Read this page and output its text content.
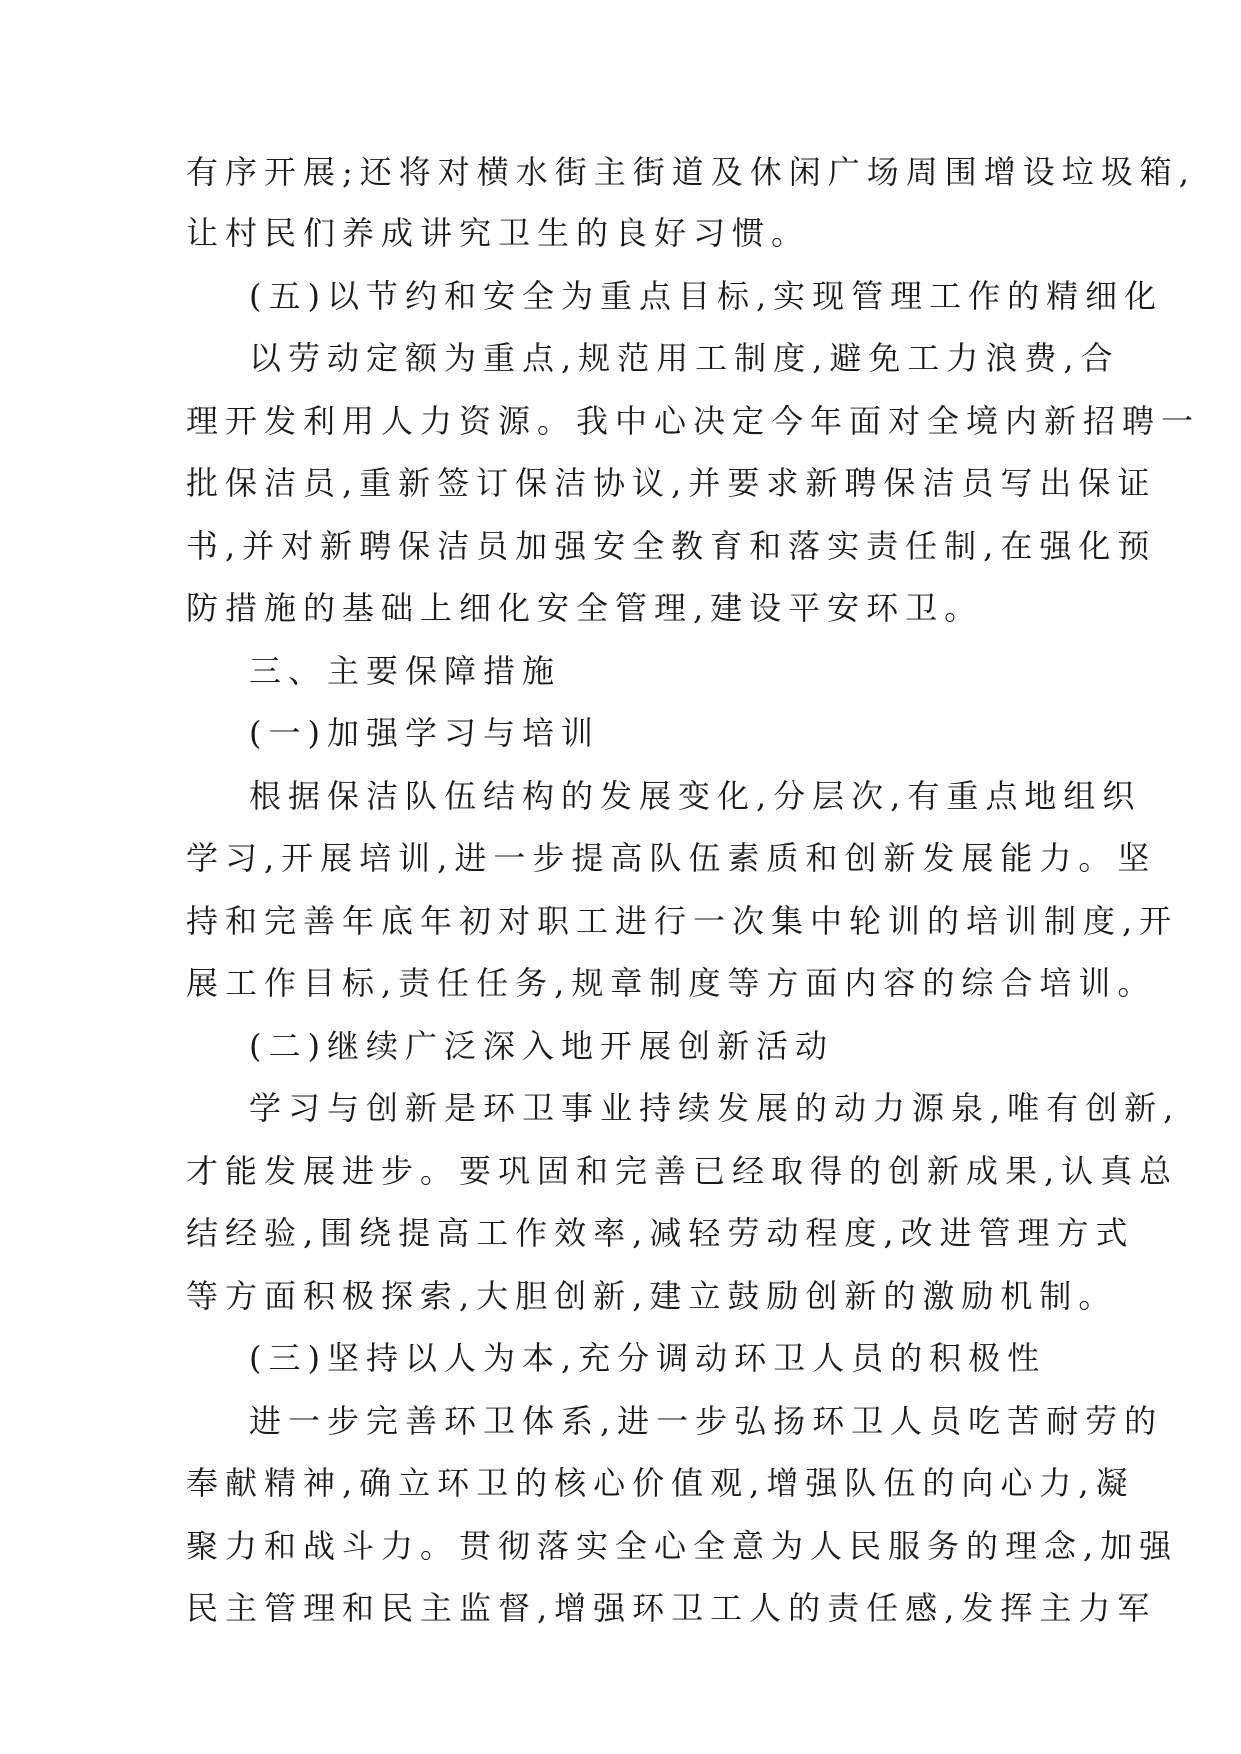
有序开展;还将对横水街主街道及休闲广场周围增设垃圾箱,
让村民们养成讲究卫生的良好习惯。
(五)以节约和安全为重点目标,实现管理工作的精细化
以劳动定额为重点,规范用工制度,避免工力浪费,合
理开发利用人力资源。我中心决定今年面对全境内新招聘一
批保洁员,重新签订保洁协议,并要求新聘保洁员写出保证
书,并对新聘保洁员加强安全教育和落实责任制,在强化预
防措施的基础上细化安全管理,建设平安环卫。
三、主要保障措施
(一)加强学习与培训
根据保洁队伍结构的发展变化,分层次,有重点地组织
学习,开展培训,进一步提高队伍素质和创新发展能力。坚
持和完善年底年初对职工进行一次集中轮训的培训制度,开
展工作目标,责任任务,规章制度等方面内容的综合培训。
(二)继续广泛深入地开展创新活动
学习与创新是环卫事业持续发展的动力源泉,唯有创新,
才能发展进步。要巩固和完善已经取得的创新成果,认真总
结经验,围绕提高工作效率,减轻劳动程度,改进管理方式
等方面积极探索,大胆创新,建立鼓励创新的激励机制。
(三)坚持以人为本,充分调动环卫人员的积极性
进一步完善环卫体系,进一步弘扬环卫人员吃苦耐劳的
奉献精神,确立环卫的核心价值观,增强队伍的向心力,凝
聚力和战斗力。贯彻落实全心全意为人民服务的理念,加强
民主管理和民主监督,增强环卫工人的责任感,发挥主力军
